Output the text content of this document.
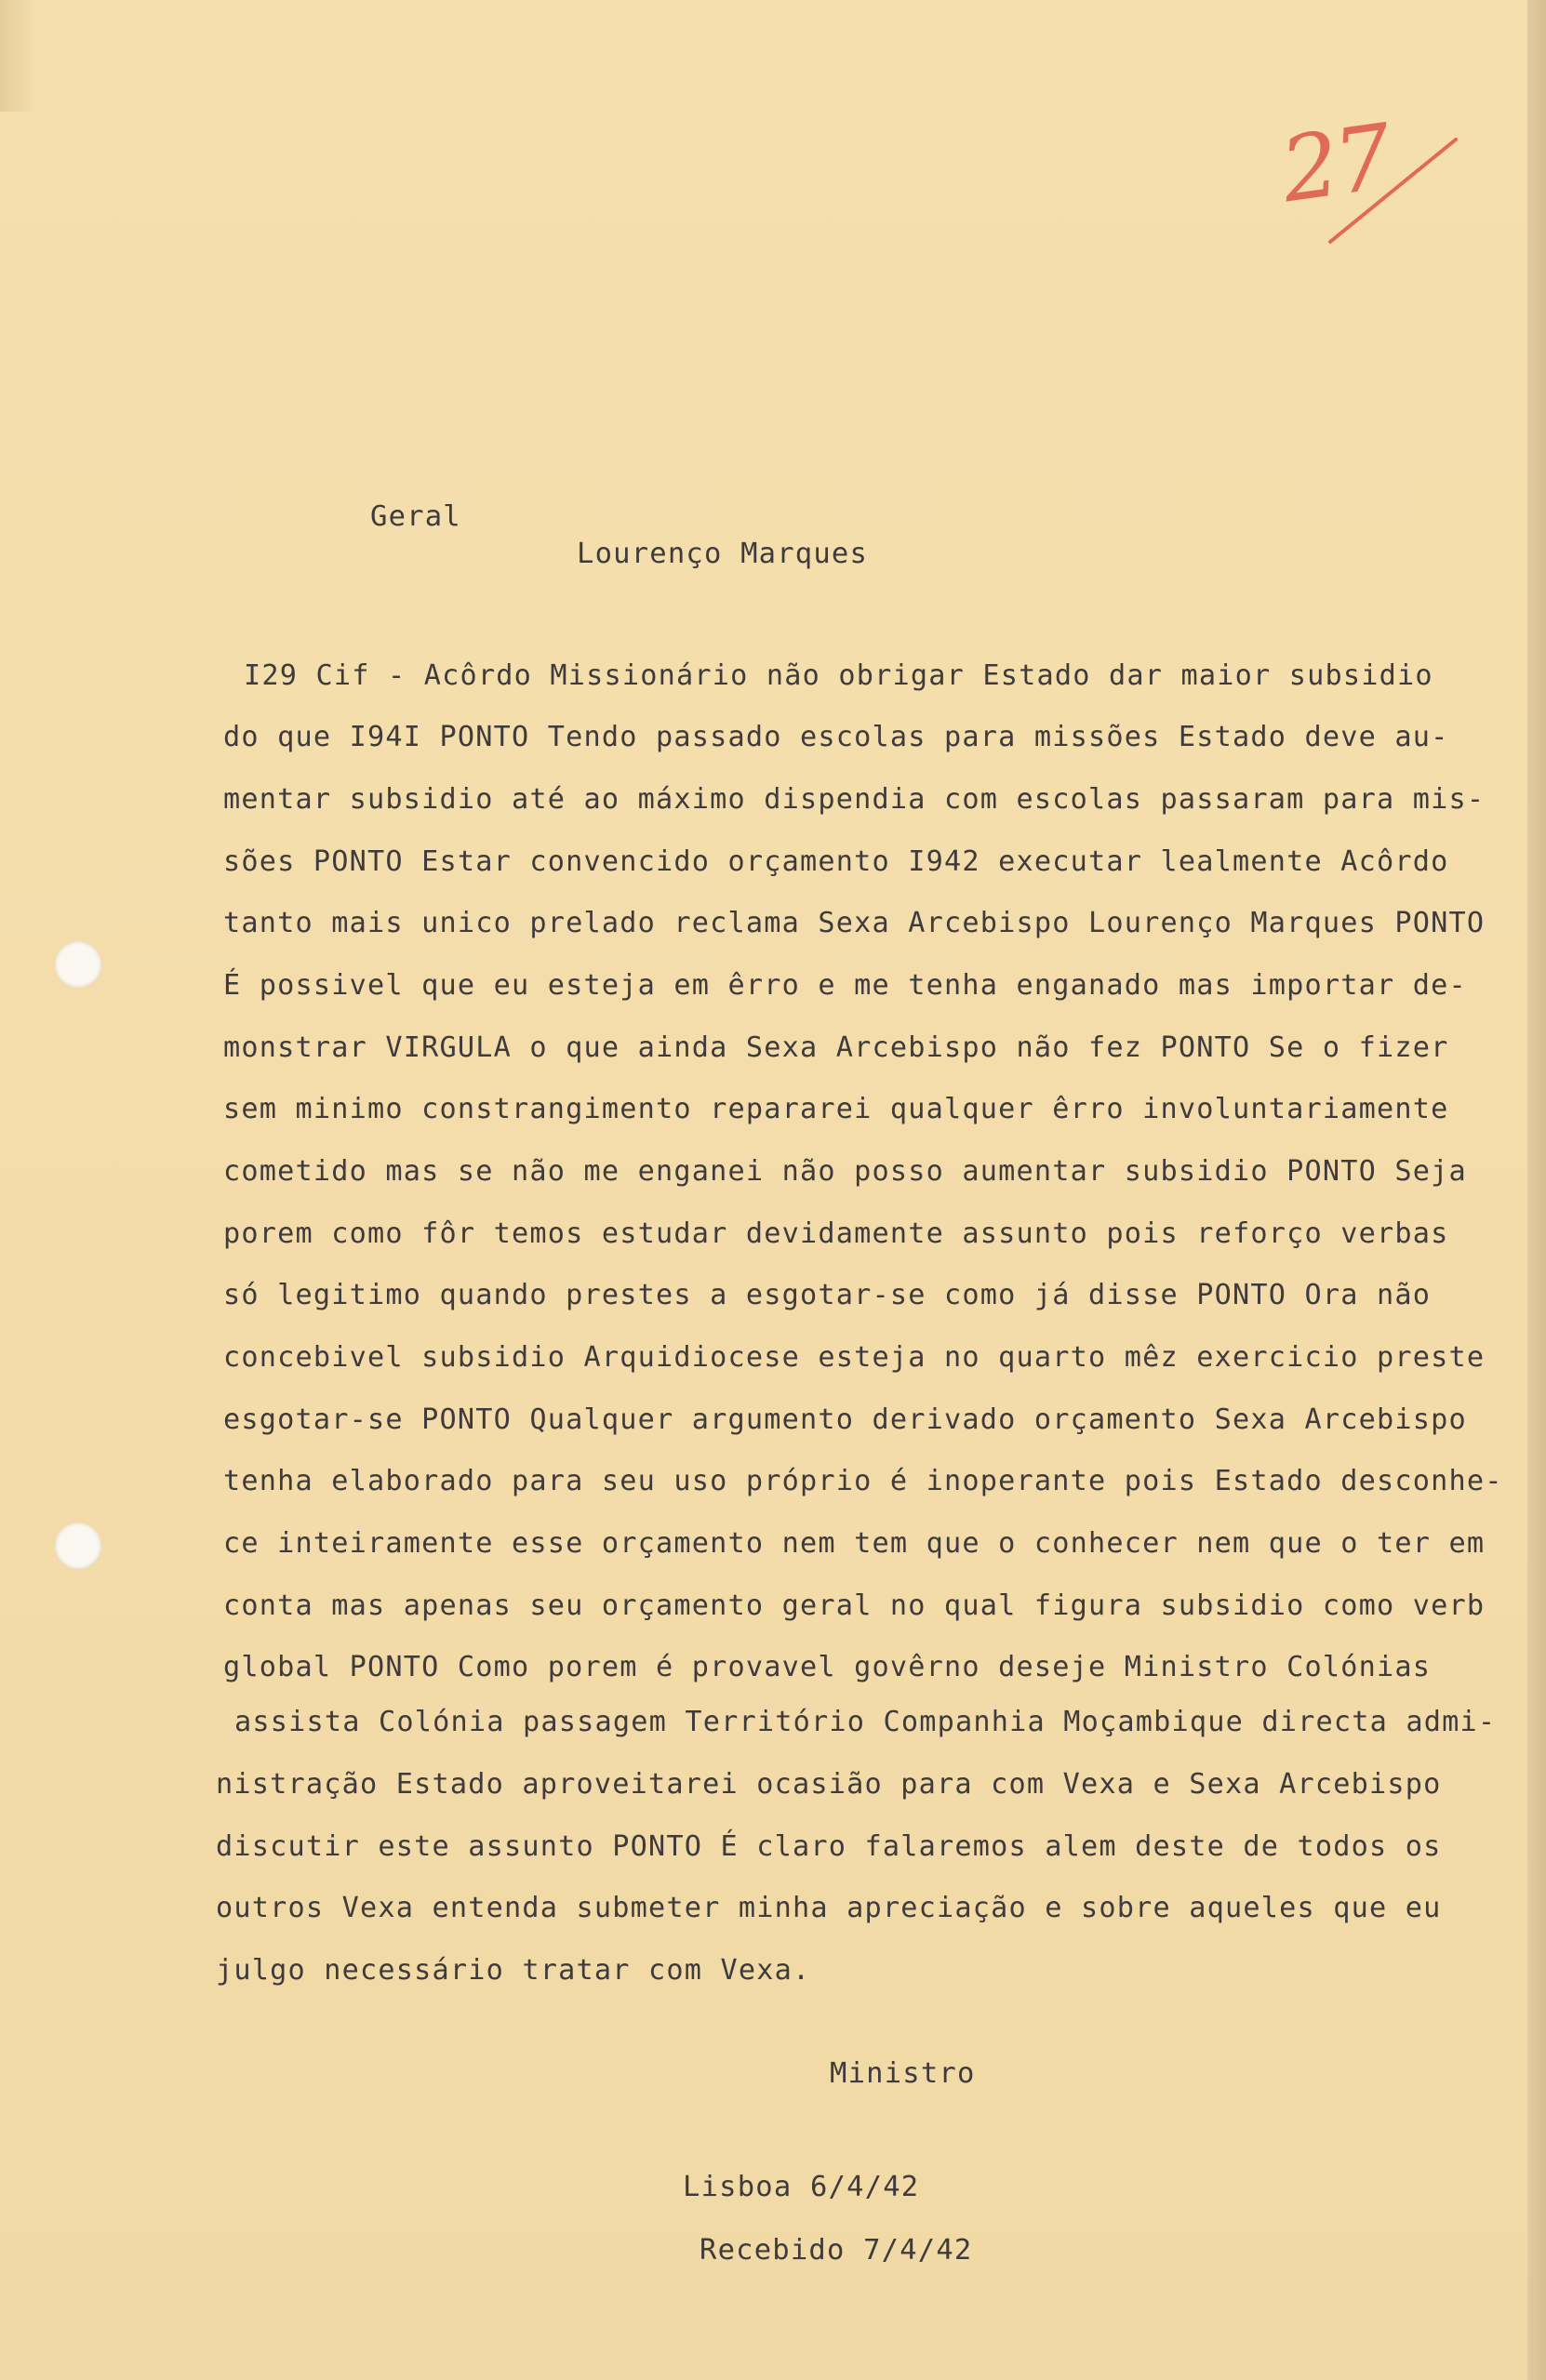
27
Geral
Lourenço Marques
I29 Cif - Acôrdo Missionário não obrigar Estado dar maior subsidio
do que I94I PONTO Tendo passado escolas para missões Estado deve au-
mentar subsidio até ao máximo dispendia com escolas passaram para mis-
sões PONTO Estar convencido orçamento I942 executar lealmente Acôrdo
tanto mais unico prelado reclama Sexa Arcebispo Lourenço Marques PONTO
É possivel que eu esteja em êrro e me tenha enganado mas importar de-
monstrar VIRGULA o que ainda Sexa Arcebispo não fez PONTO Se o fizer
sem minimo constrangimento repararei qualquer êrro involuntariamente
cometido mas se não me enganei não posso aumentar subsidio PONTO Seja
porem como fôr temos estudar devidamente assunto pois reforço verbas
só legitimo quando prestes a esgotar-se como já disse PONTO Ora não
concebivel subsidio Arquidiocese esteja no quarto mêz exercicio preste
esgotar-se PONTO Qualquer argumento derivado orçamento Sexa Arcebispo
tenha elaborado para seu uso próprio é inoperante pois Estado desconhe-
ce inteiramente esse orçamento nem tem que o conhecer nem que o ter em
conta mas apenas seu orçamento geral no qual figura subsidio como verb
global PONTO Como porem é provavel govêrno deseje Ministro Colónias
assista Colónia passagem Território Companhia Moçambique directa admi-
nistração Estado aproveitarei ocasião para com Vexa e Sexa Arcebispo
discutir este assunto PONTO É claro falaremos alem deste de todos os
outros Vexa entenda submeter minha apreciação e sobre aqueles que eu
julgo necessário tratar com Vexa.
Ministro
Lisboa 6/4/42
Recebido 7/4/42
